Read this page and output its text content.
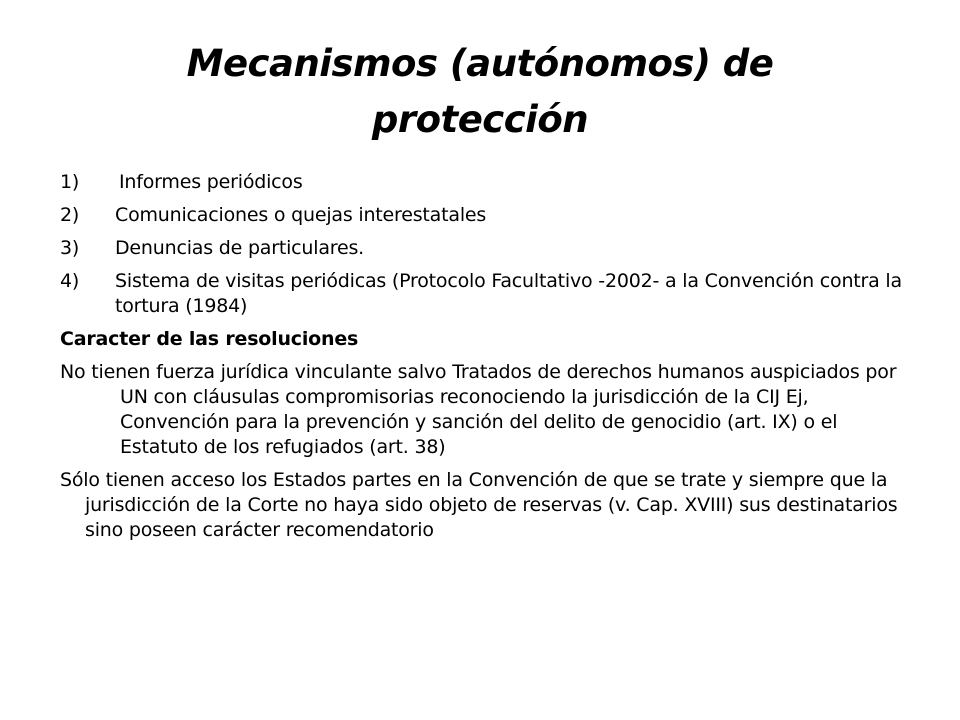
Mecanismos (autónomos) de protección
1) Informes periódicos
2) Comunicaciones o quejas interestatales
3) Denuncias de particulares.
4) Sistema de visitas periódicas (Protocolo Facultativo -2002- a la Convención contra la tortura (1984)
Caracter de las resoluciones
No tienen fuerza jurídica vinculante salvo Tratados de derechos humanos auspiciados por UN con cláusulas compromisorias reconociendo la jurisdicción de la CIJ Ej, Convención para la prevención y sanción del delito de genocidio (art. IX) o el Estatuto de los refugiados (art. 38)
Sólo tienen acceso los Estados partes en la Convención de que se trate y siempre que la jurisdicción de la Corte no haya sido objeto de reservas (v. Cap. XVIII) sus destinatarios sino poseen carácter recomendatorio
